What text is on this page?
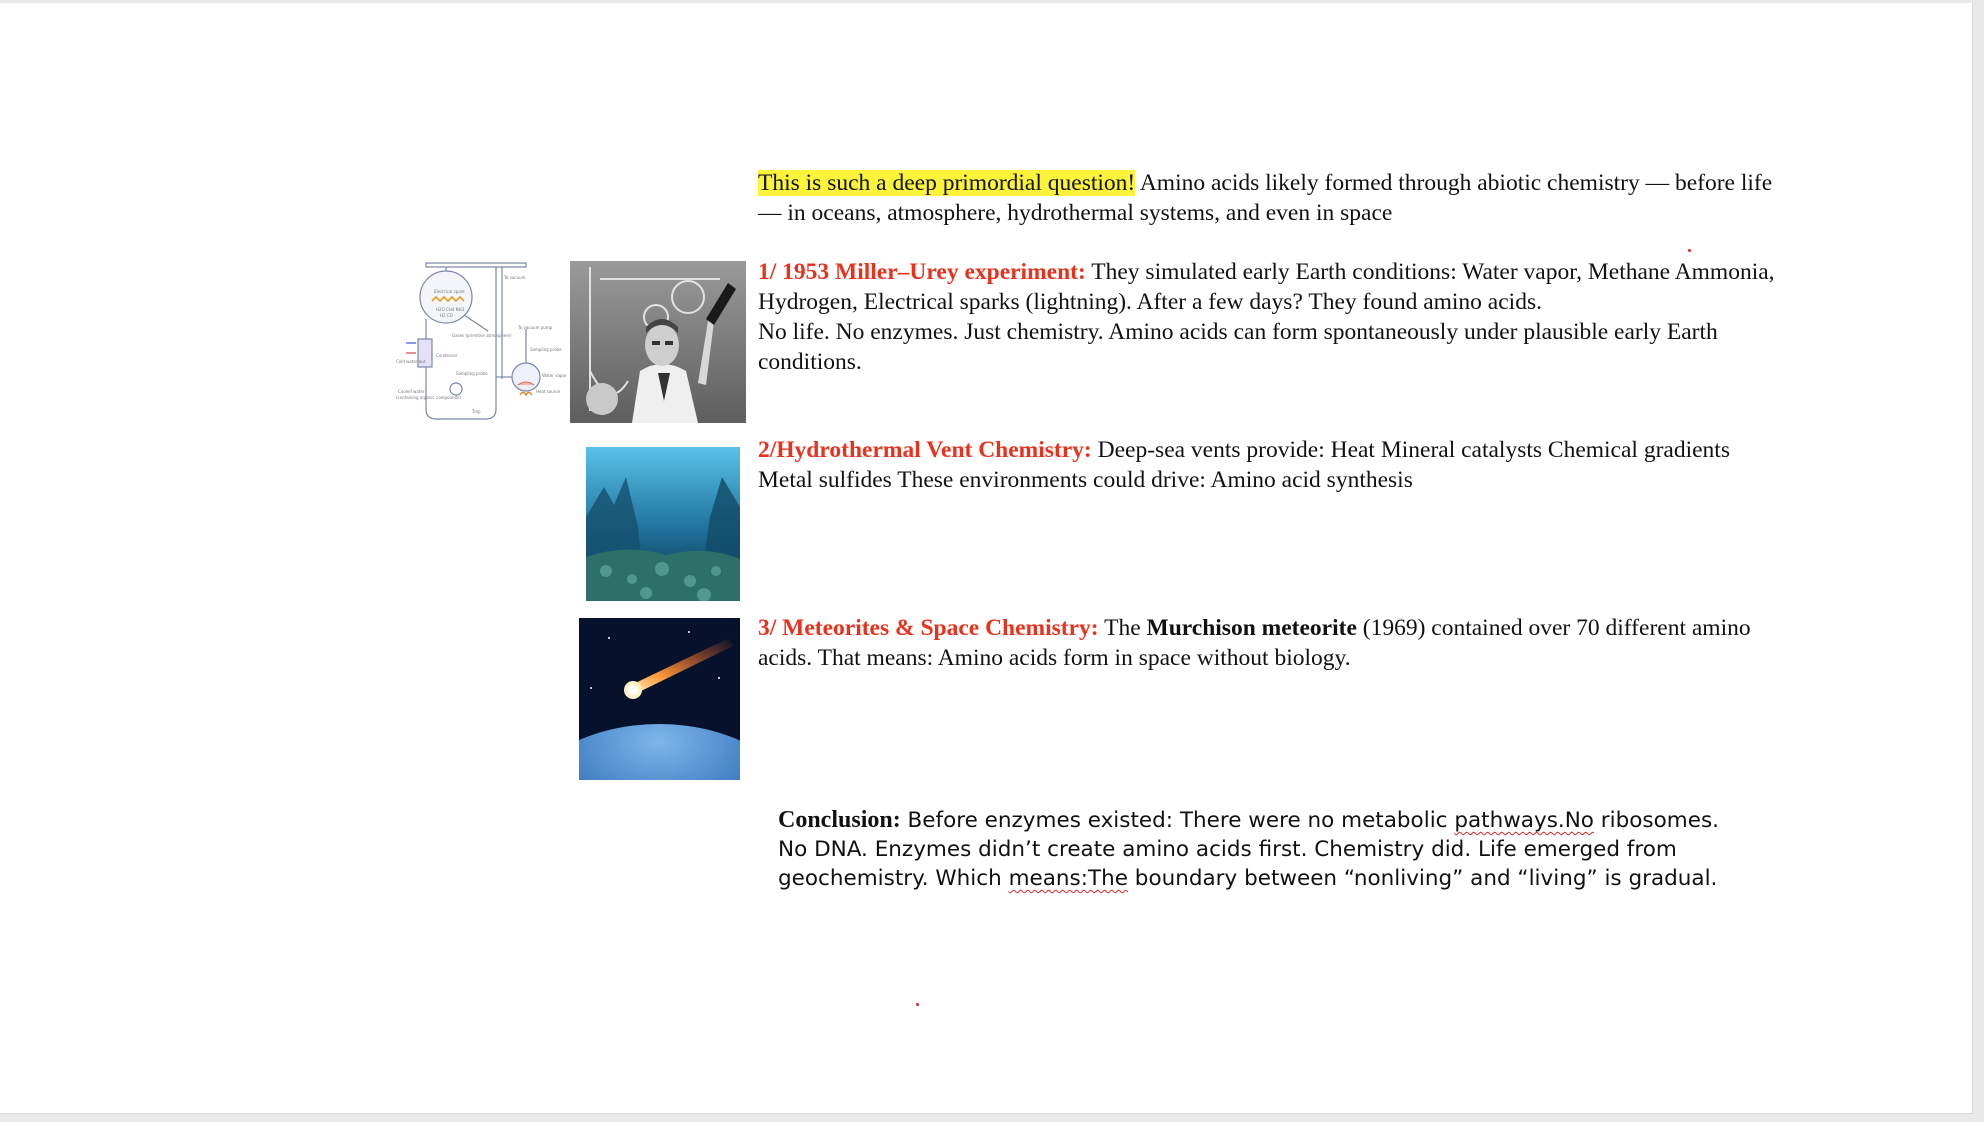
This is such a deep primordial question! Amino acids likely formed through abiotic chemistry — before life — in oceans, atmosphere, hydrothermal systems, and even in space
1/ 1953 Miller–Urey experiment: They simulated early Earth conditions: Water vapor, Methane Ammonia, Hydrogen, Electrical sparks (lightning). After a few days? They found amino acids.
No life. No enzymes. Just chemistry. Amino acids can form spontaneously under plausible early Earth conditions.
2/Hydrothermal Vent Chemistry: Deep-sea vents provide: Heat Mineral catalysts Chemical gradients Metal sulfides These environments could drive: Amino acid synthesis
3/ Meteorites & Space Chemistry: The Murchison meteorite (1969) contained over 70 different amino acids. That means: Amino acids form in space without biology.
Conclusion: Before enzymes existed: There were no metabolic pathways.No ribosomes. No DNA. Enzymes didn’t create amino acids first. Chemistry did. Life emerged from geochemistry. Which means:The boundary between “nonliving” and “living” is gradual.
Electrical spark
H2O CH4 NH3
H2 CO
To vacuum
To vacuum pump
Gases (primitive atmosphere)
Condenser
Cold water out
Sampling probe
Sampling probe	Water vapor
Cooled water
(containing organic compounds)
Heat source
Trap
